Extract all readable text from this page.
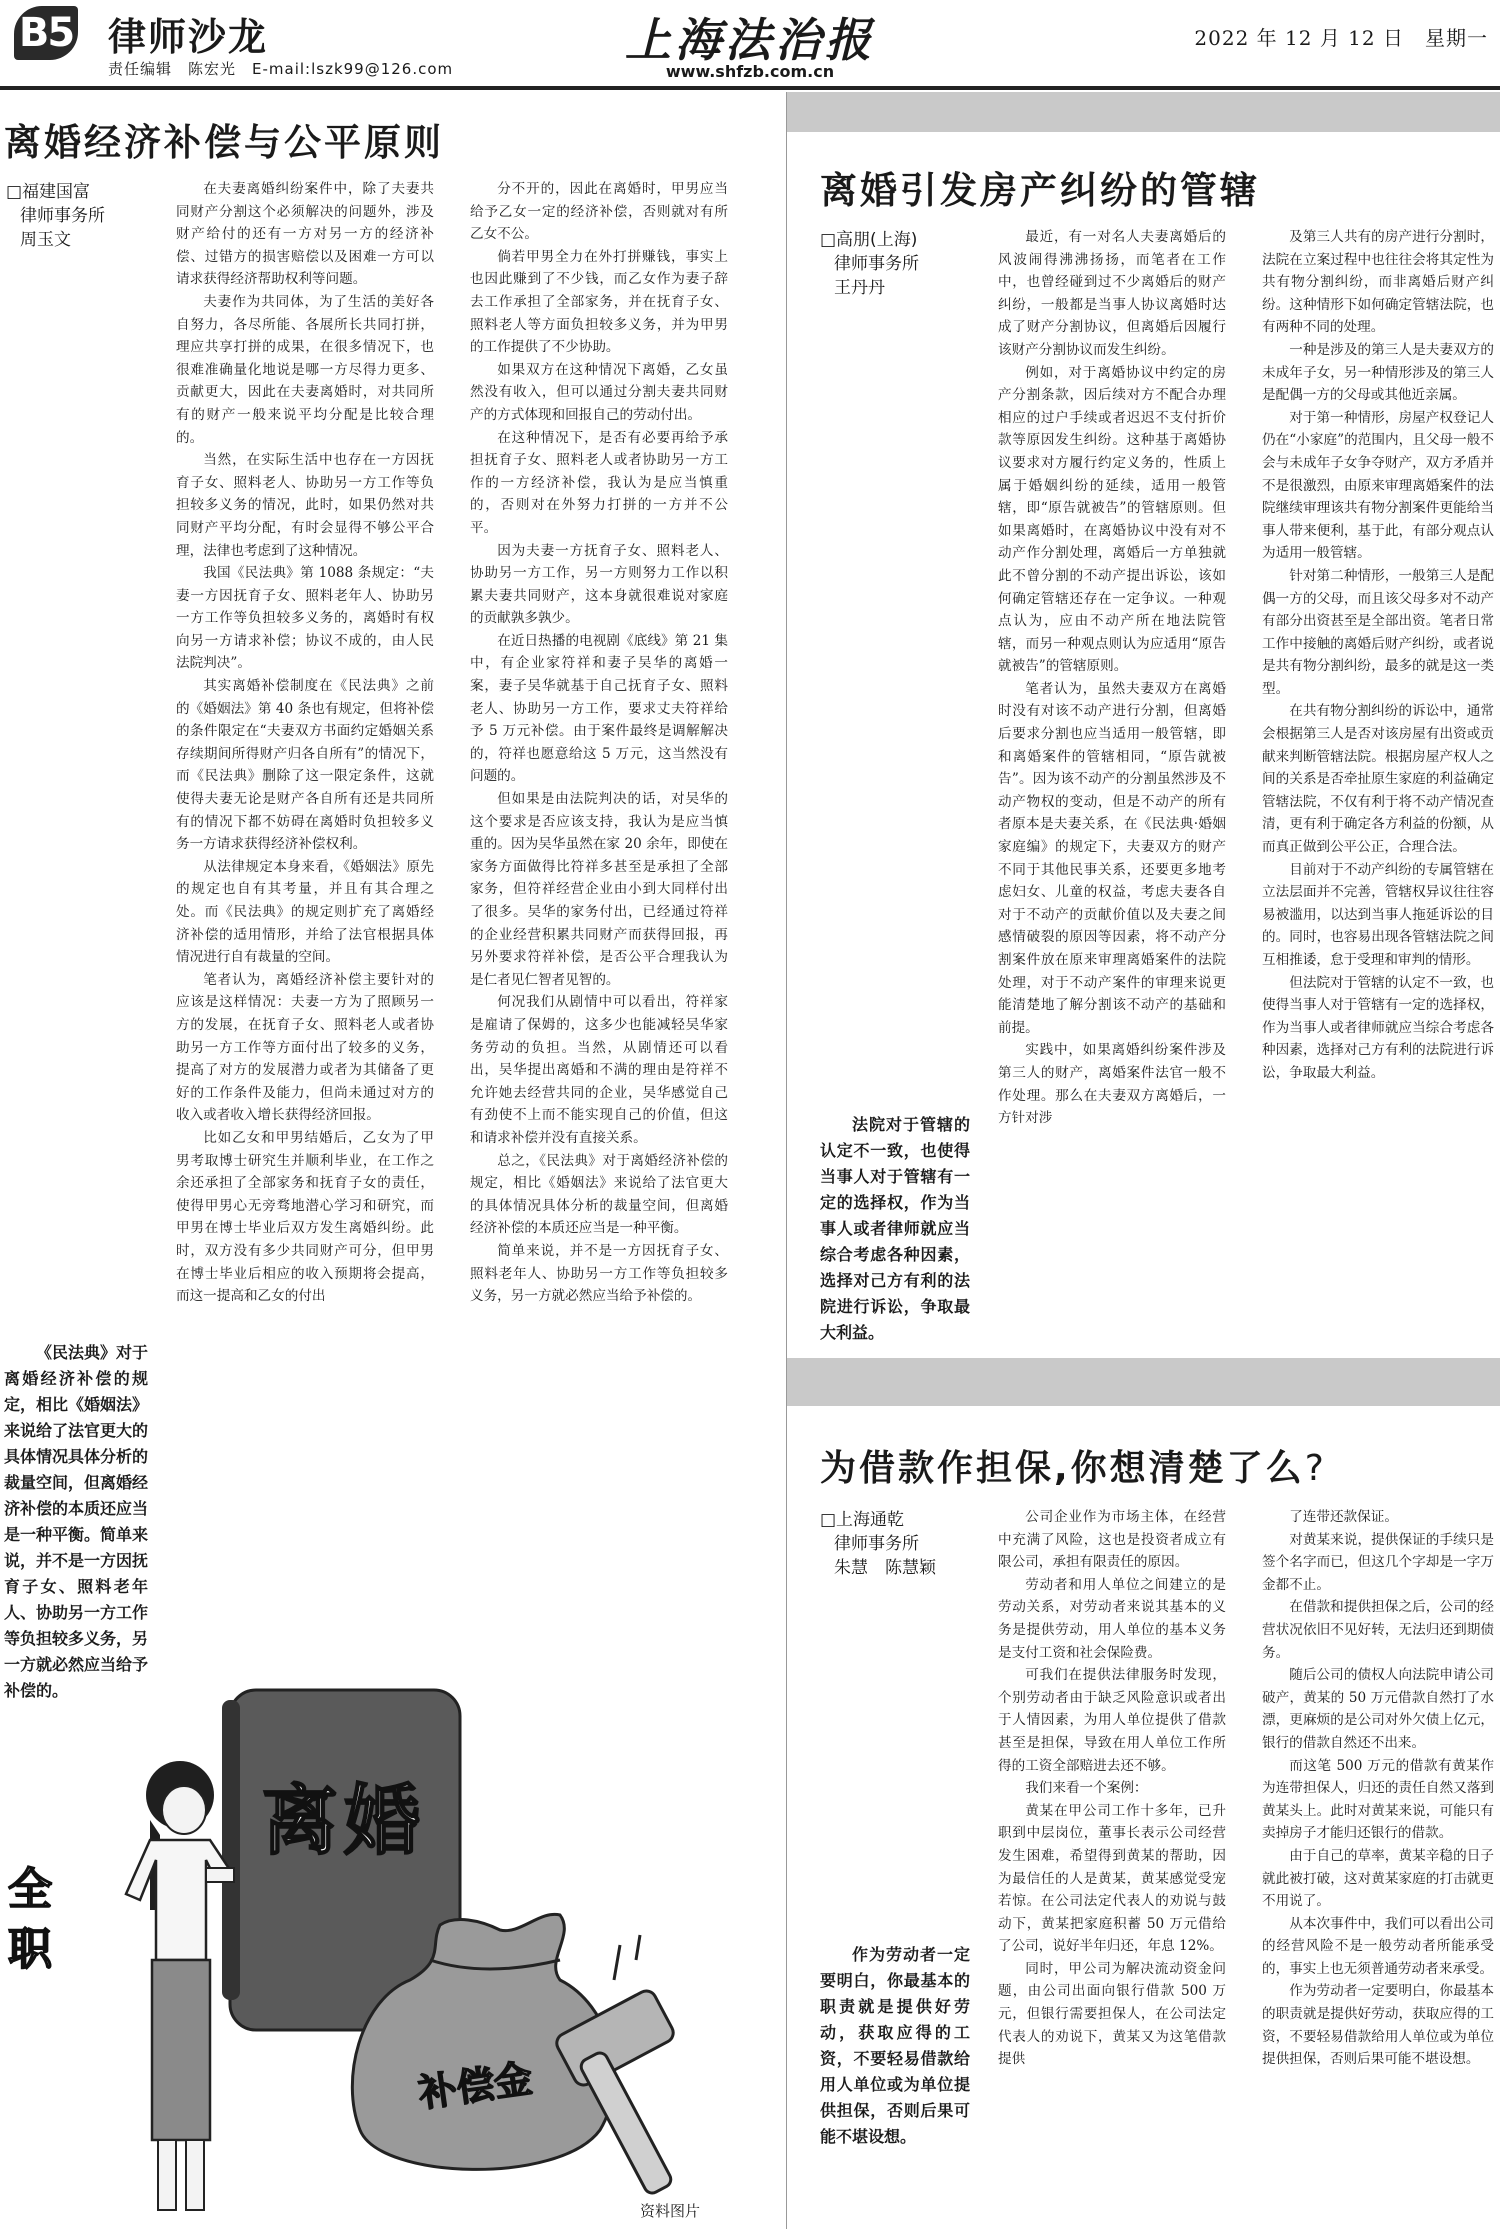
B5 律师沙龙
责任编辑　陈宏光　E-mail:lszk99@126.com
上海法治报
www.shfzb.com.cn
2022 年 12 月 12 日　星期一
离婚经济补偿与公平原则
□福建国富
律师事务所
周玉文

《民法典》对于离婚经济补偿的规定，相比《婚姻法》来说给了法官更大的具体情况具体分析的裁量空间，但离婚经济补偿的本质还应当是一种平衡。简单来说，并不是一方因抚育子女、照料老年人、协助另一方工作等负担较多义务，另一方就必然应当给予补偿的。

在夫妻离婚纠纷案件中，除了夫妻共同财产分割这个必须解决的问题外，涉及财产给付的还有一方对另一方的经济补偿、过错方的损害赔偿以及困难一方可以请求获得经济帮助权利等问题。

夫妻作为共同体，为了生活的美好各自努力，各尽所能、各展所长共同打拼，理应共享打拼的成果，在很多情况下，也很难准确量化地说是哪一方尽得力更多、贡献更大，因此在夫妻离婚时，对共同所有的财产一般来说平均分配是比较合理的。

当然，在实际生活中也存在一方因抚育子女、照料老人、协助另一方工作等负担较多义务的情况，此时，如果仍然对共同财产平均分配，有时会显得不够公平合理，法律也考虑到了这种情况。

我国《民法典》第 1088 条规定：“夫妻一方因抚育子女、照料老年人、协助另一方工作等负担较多义务的，离婚时有权向另一方请求补偿；协议不成的，由人民法院判决”。

其实离婚补偿制度在《民法典》之前的《婚姻法》第 40 条也有规定，但将补偿的条件限定在“夫妻双方书面约定婚姻关系存续期间所得财产归各自所有”的情况下，而《民法典》删除了这一限定条件，这就使得夫妻无论是财产各自所有还是共同所有的情况下都不妨碍在离婚时负担较多义务一方请求获得经济补偿权利。

从法律规定本身来看，《婚姻法》原先的规定也自有其考量，并且有其合理之处。而《民法典》的规定则扩充了离婚经济补偿的适用情形，并给了法官根据具体情况进行自有裁量的空间。

笔者认为，离婚经济补偿主要针对的应该是这样情况：夫妻一方为了照顾另一方的发展，在抚育子女、照料老人或者协助另一方工作等方面付出了较多的义务，提高了对方的发展潜力或者为其储备了更好的工作条件及能力，但尚未通过对方的收入或者收入增长获得经济回报。

比如乙女和甲男结婚后，乙女为了甲男考取博士研究生并顺利毕业，在工作之余还承担了全部家务和抚育子女的责任，使得甲男心无旁骛地潜心学习和研究，而甲男在博士毕业后双方发生离婚纠纷。此时，双方没有多少共同财产可分，但甲男在博士毕业后相应的收入预期将会提高，而这一提高和乙女的付出

分不开的，因此在离婚时，甲男应当给予乙女一定的经济补偿，否则就对有所乙女不公。

倘若甲男全力在外打拼赚钱，事实上也因此赚到了不少钱，而乙女作为妻子辞去工作承担了全部家务，并在抚育子女、照料老人等方面负担较多义务，并为甲男的工作提供了不少协助。

如果双方在这种情况下离婚，乙女虽然没有收入，但可以通过分割夫妻共同财产的方式体现和回报自己的劳动付出。

在这种情况下，是否有必要再给予承担抚育子女、照料老人或者协助另一方工作的一方经济补偿，我认为是应当慎重的，否则对在外努力打拼的一方并不公平。

因为夫妻一方抚育子女、照料老人、协助另一方工作，另一方则努力工作以积累夫妻共同财产，这本身就很难说对家庭的贡献孰多孰少。

在近日热播的电视剧《底线》第 21 集中，有企业家符祥和妻子吴华的离婚一案，妻子吴华就基于自己抚育子女、照料老人、协助另一方工作，要求丈夫符祥给予 5 万元补偿。由于案件最终是调解解决的，符祥也愿意给这 5 万元，这当然没有问题的。

但如果是由法院判决的话，对吴华的这个要求是否应该支持，我认为是应当慎重的。因为吴华虽然在家 20 余年，即使在家务方面做得比符祥多甚至是承担了全部家务，但符祥经营企业由小到大同样付出了很多。吴华的家务付出，已经通过符祥的企业经营积累共同财产而获得回报，再另外要求符祥补偿，是否公平合理我认为是仁者见仁智者见智的。

何况我们从剧情中可以看出，符祥家是雇请了保姆的，这多少也能减轻吴华家务劳动的负担。当然，从剧情还可以看出，吴华提出离婚和不满的理由是符祥不允许她去经营共同的企业，吴华感觉自己有劲使不上而不能实现自己的价值，但这和请求补偿并没有直接关系。

总之，《民法典》对于离婚经济补偿的规定，相比《婚姻法》来说给了法官更大的具体情况具体分析的裁量空间，但离婚经济补偿的本质还应当是一种平衡。

简单来说，并不是一方因抚育子女、照料老年人、协助另一方工作等负担较多义务，另一方就必然应当给予补偿的。

离婚
补偿金
全职
资料图片
离婚引发房产纠纷的管辖
□高朋(上海)
律师事务所
王丹丹

法院对于管辖的认定不一致，也使得当事人对于管辖有一定的选择权，作为当事人或者律师就应当综合考虑各种因素，选择对己方有利的法院进行诉讼，争取最大利益。

最近，有一对名人夫妻离婚后的风波闹得沸沸扬扬，而笔者在工作中，也曾经碰到过不少离婚后的财产纠纷，一般都是当事人协议离婚时达成了财产分割协议，但离婚后因履行该财产分割协议而发生纠纷。

例如，对于离婚协议中约定的房产分割条款，因后续对方不配合办理相应的过户手续或者迟迟不支付折价款等原因发生纠纷。这种基于离婚协议要求对方履行约定义务的，性质上属于婚姻纠纷的延续，适用一般管辖，即“原告就被告”的管辖原则。但如果离婚时，在离婚协议中没有对不动产作分割处理，离婚后一方单独就此不曾分割的不动产提出诉讼，该如何确定管辖还存在一定争议。一种观点认为，应由不动产所在地法院管辖，而另一种观点则认为应适用“原告就被告”的管辖原则。

笔者认为，虽然夫妻双方在离婚时没有对该不动产进行分割，但离婚后要求分割也应当适用一般管辖，即和离婚案件的管辖相同，“原告就被告”。因为该不动产的分割虽然涉及不动产物权的变动，但是不动产的所有者原本是夫妻关系，在《民法典·婚姻家庭编》的规定下，夫妻双方的财产不同于其他民事关系，还要更多地考虑妇女、儿童的权益，考虑夫妻各自对于不动产的贡献价值以及夫妻之间感情破裂的原因等因素，将不动产分割案件放在原来审理离婚案件的法院处理，对于不动产案件的审理来说更能清楚地了解分割该不动产的基础和前提。

实践中，如果离婚纠纷案件涉及第三人的财产，离婚案件法官一般不作处理。那么在夫妻双方离婚后，一方针对涉

及第三人共有的房产进行分割时，法院在立案过程中也往往会将其定性为共有物分割纠纷，而非离婚后财产纠纷。这种情形下如何确定管辖法院，也有两种不同的处理。

一种是涉及的第三人是夫妻双方的未成年子女，另一种情形涉及的第三人是配偶一方的父母或其他近亲属。

对于第一种情形，房屋产权登记人仍在“小家庭”的范围内，且父母一般不会与未成年子女争夺财产，双方矛盾并不是很激烈，由原来审理离婚案件的法院继续审理该共有物分割案件更能给当事人带来便利，基于此，有部分观点认为适用一般管辖。

针对第二种情形，一般第三人是配偶一方的父母，而且该父母多对不动产有部分出资甚至是全部出资。笔者日常工作中接触的离婚后财产纠纷，或者说是共有物分割纠纷，最多的就是这一类型。

在共有物分割纠纷的诉讼中，通常会根据第三人是否对该房屋有出资或贡献来判断管辖法院。根据房屋产权人之间的关系是否牵扯原生家庭的利益确定管辖法院，不仅有利于将不动产情况查清，更有利于确定各方利益的份额，从而真正做到公平公正，合理合法。

目前对于不动产纠纷的专属管辖在立法层面并不完善，管辖权异议往往容易被滥用，以达到当事人拖延诉讼的目的。同时，也容易出现各管辖法院之间互相推诿，怠于受理和审判的情形。

但法院对于管辖的认定不一致，也使得当事人对于管辖有一定的选择权，作为当事人或者律师就应当综合考虑各种因素，选择对己方有利的法院进行诉讼，争取最大利益。

为借款作担保,你想清楚了么?
□上海通乾
律师事务所
朱慧　陈慧颖

作为劳动者一定要明白，你最基本的职责就是提供好劳动，获取应得的工资，不要轻易借款给用人单位或为单位提供担保，否则后果可能不堪设想。

公司企业作为市场主体，在经营中充满了风险，这也是投资者成立有限公司，承担有限责任的原因。

劳动者和用人单位之间建立的是劳动关系，对劳动者来说其基本的义务是提供劳动，用人单位的基本义务是支付工资和社会保险费。

可我们在提供法律服务时发现，个别劳动者由于缺乏风险意识或者出于人情因素，为用人单位提供了借款甚至是担保，导致在用人单位工作所得的工资全部赔进去还不够。

我们来看一个案例：

黄某在甲公司工作十多年，已升职到中层岗位，董事长表示公司经营发生困难，希望得到黄某的帮助，因为最信任的人是黄某，黄某感觉受宠若惊。在公司法定代表人的劝说与鼓动下，黄某把家庭积蓄 50 万元借给了公司，说好半年归还，年息 12%。

同时，甲公司为解决流动资金问题，由公司出面向银行借款 500 万元，但银行需要担保人，在公司法定代表人的劝说下，黄某又为这笔借款提供

了连带还款保证。

对黄某来说，提供保证的手续只是签个名字而已，但这几个字却是一字万金都不止。

在借款和提供担保之后，公司的经营状况依旧不见好转，无法归还到期债务。

随后公司的债权人向法院申请公司破产，黄某的 50 万元借款自然打了水漂，更麻烦的是公司对外欠债上亿元，银行的借款自然还不出来。

而这笔 500 万元的借款有黄某作为连带担保人，归还的责任自然又落到黄某头上。此时对黄某来说，可能只有卖掉房子才能归还银行的借款。

由于自己的草率，黄某辛稳的日子就此被打破，这对黄某家庭的打击就更不用说了。

从本次事件中，我们可以看出公司的经营风险不是一般劳动者所能承受的，事实上也无须普通劳动者来承受。

作为劳动者一定要明白，你最基本的职责就是提供好劳动，获取应得的工资，不要轻易借款给用人单位或为单位提供担保，否则后果可能不堪设想。
